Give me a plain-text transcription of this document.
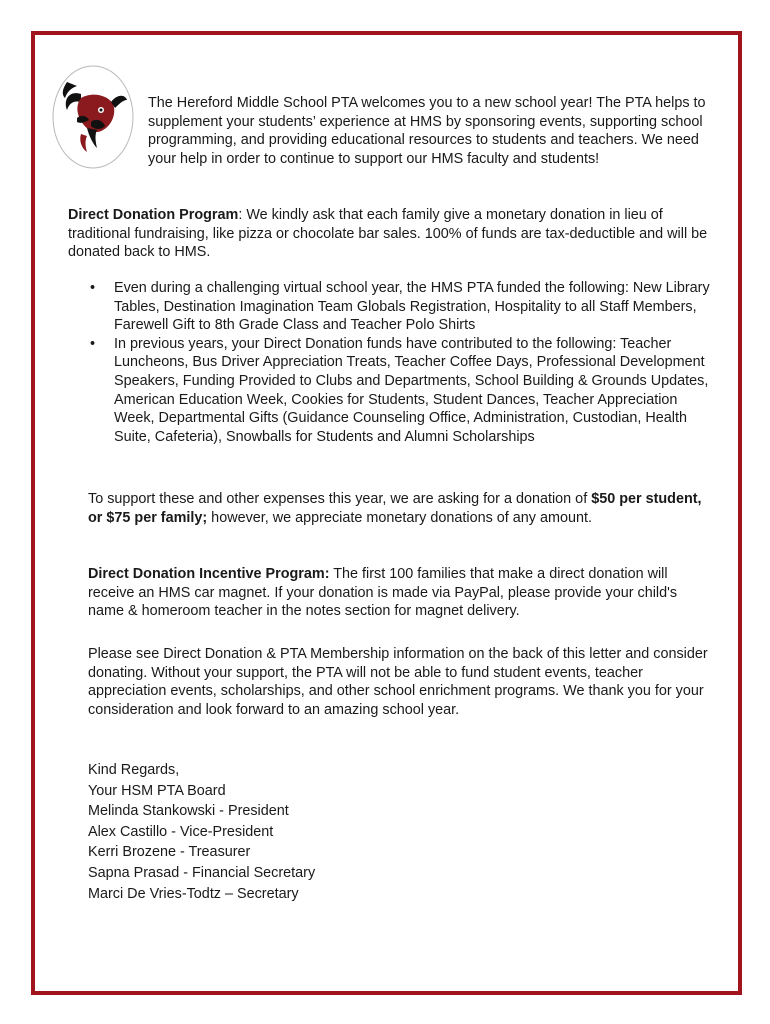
The Hereford Middle School PTA welcomes you to a new school year! The PTA helps to supplement your students’ experience at HMS by sponsoring events, supporting school programming, and providing educational resources to students and teachers. We need your help in order to continue to support our HMS faculty and students!

Direct Donation Program: We kindly ask that each family give a monetary donation in lieu of traditional fundraising, like pizza or chocolate bar sales. 100% of funds are tax-deductible and will be donated back to HMS.

• Even during a challenging virtual school year, the HMS PTA funded the following: New Library Tables, Destination Imagination Team Globals Registration, Hospitality to all Staff Members, Farewell Gift to 8th Grade Class and Teacher Polo Shirts
• In previous years, your Direct Donation funds have contributed to the following: Teacher Luncheons, Bus Driver Appreciation Treats, Teacher Coffee Days, Professional Development Speakers, Funding Provided to Clubs and Departments, School Building & Grounds Updates, American Education Week, Cookies for Students, Student Dances, Teacher Appreciation Week, Departmental Gifts (Guidance Counseling Office, Administration, Custodian, Health Suite, Cafeteria), Snowballs for Students and Alumni Scholarships

To support these and other expenses this year, we are asking for a donation of $50 per student, or $75 per family; however, we appreciate monetary donations of any amount.

Direct Donation Incentive Program: The first 100 families that make a direct donation will receive an HMS car magnet. If your donation is made via PayPal, please provide your child's name & homeroom teacher in the notes section for magnet delivery.

Please see Direct Donation & PTA Membership information on the back of this letter and consider donating. Without your support, the PTA will not be able to fund student events, teacher appreciation events, scholarships, and other school enrichment programs. We thank you for your consideration and look forward to an amazing school year.

Kind Regards,
Your HSM PTA Board
Melinda Stankowski - President
Alex Castillo - Vice-President
Kerri Brozene - Treasurer
Sapna Prasad - Financial Secretary
Marci De Vries-Todtz – Secretary
